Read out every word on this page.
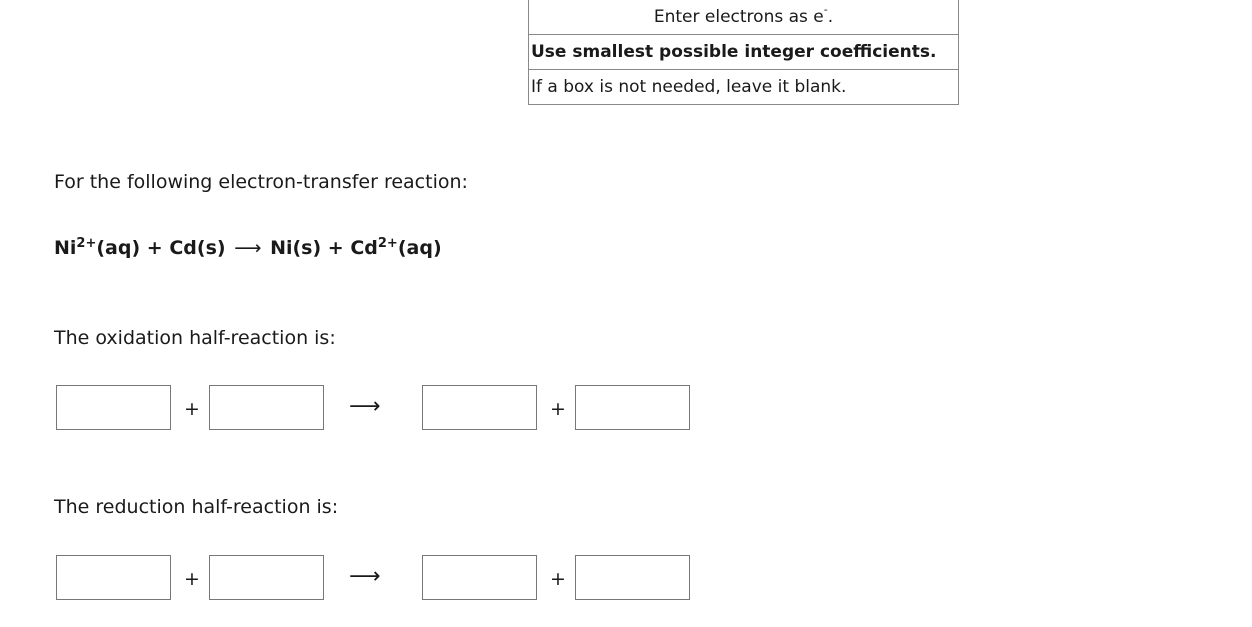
Enter electrons as e-.
Use smallest possible integer coefficients.
If a box is not needed, leave it blank.
For the following electron-transfer reaction:
$Ni^{2+}(aq) + Cd(s)$ ⟶ $Ni(s) + Cd^{2+}(aq)$
The oxidation half-reaction is:
+	⟶	+
The reduction half-reaction is:
+	⟶	+
